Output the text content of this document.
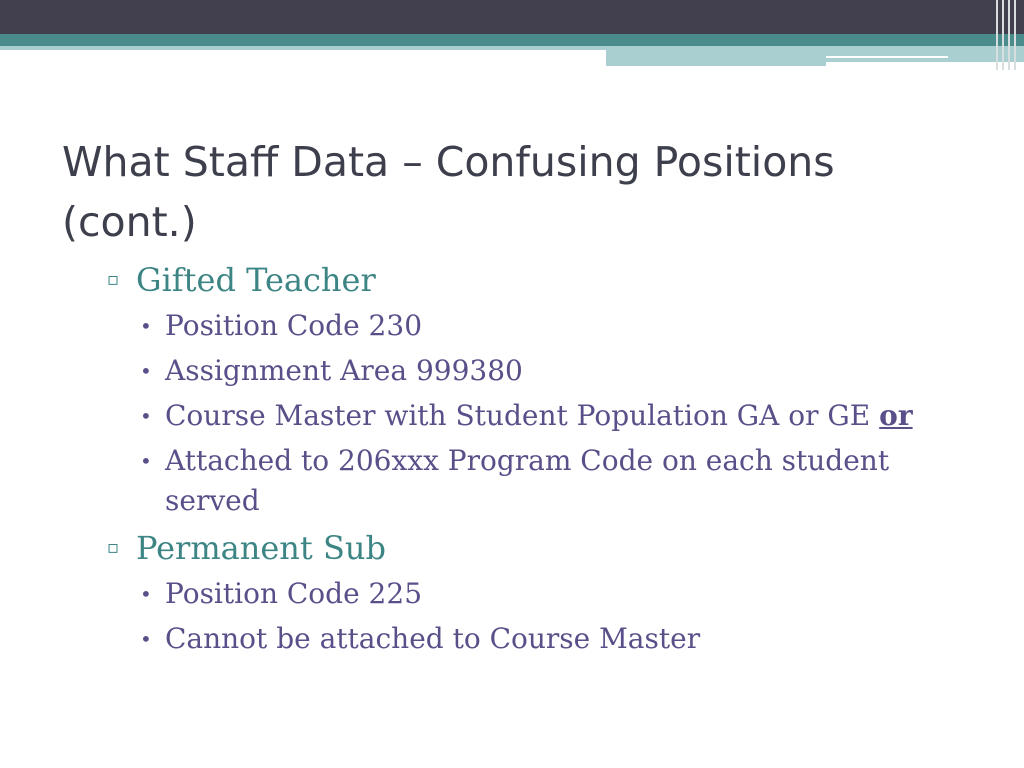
What Staff Data – Confusing Positions (cont.)
▫ Gifted Teacher
• Position Code 230
• Assignment Area 999380
• Course Master with Student Population GA or GE or
• Attached to 206xxx Program Code on each student served
▫ Permanent Sub
• Position Code 225
• Cannot be attached to Course Master
